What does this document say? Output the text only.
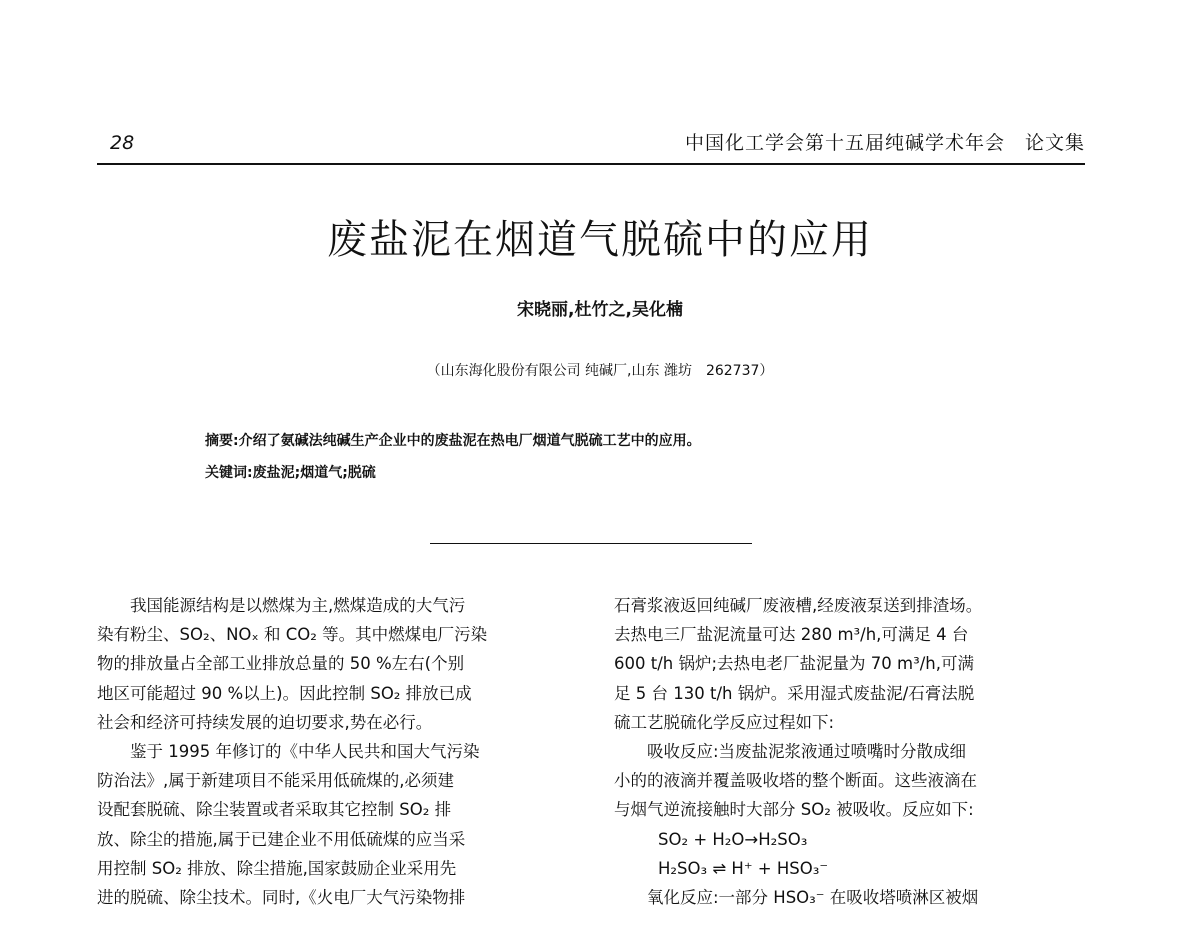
28	中国化工学会第十五届纯碱学术年会　论文集
废盐泥在烟道气脱硫中的应用
宋晓丽,杜竹之,吴化楠
（山东海化股份有限公司 纯碱厂,山东 潍坊　262737）
摘要:介绍了氨碱法纯碱生产企业中的废盐泥在热电厂烟道气脱硫工艺中的应用。
关键词:废盐泥;烟道气;脱硫
我国能源结构是以燃煤为主,燃煤造成的大气污
染有粉尘、SO₂、NOₓ 和 CO₂ 等。其中燃煤电厂污染
物的排放量占全部工业排放总量的 50 %左右(个别
地区可能超过 90 %以上)。因此控制 SO₂ 排放已成
社会和经济可持续发展的迫切要求,势在必行。
鉴于 1995 年修订的《中华人民共和国大气污染
防治法》,属于新建项目不能采用低硫煤的,必须建
设配套脱硫、除尘装置或者采取其它控制 SO₂ 排
放、除尘的措施,属于已建企业不用低硫煤的应当采
用控制 SO₂ 排放、除尘措施,国家鼓励企业采用先
进的脱硫、除尘技术。同时,《火电厂大气污染物排
石膏浆液返回纯碱厂废液槽,经废液泵送到排渣场。
去热电三厂盐泥流量可达 280 m³/h,可满足 4 台
600 t/h 锅炉;去热电老厂盐泥量为 70 m³/h,可满
足 5 台 130 t/h 锅炉。采用湿式废盐泥/石膏法脱
硫工艺脱硫化学反应过程如下:
吸收反应:当废盐泥浆液通过喷嘴时分散成细
小的的液滴并覆盖吸收塔的整个断面。这些液滴在
与烟气逆流接触时大部分 SO₂ 被吸收。反应如下:
SO₂ + H₂O→H₂SO₃
H₂SO₃ ⇌ H⁺ + HSO₃⁻
氧化反应:一部分 HSO₃⁻ 在吸收塔喷淋区被烟
